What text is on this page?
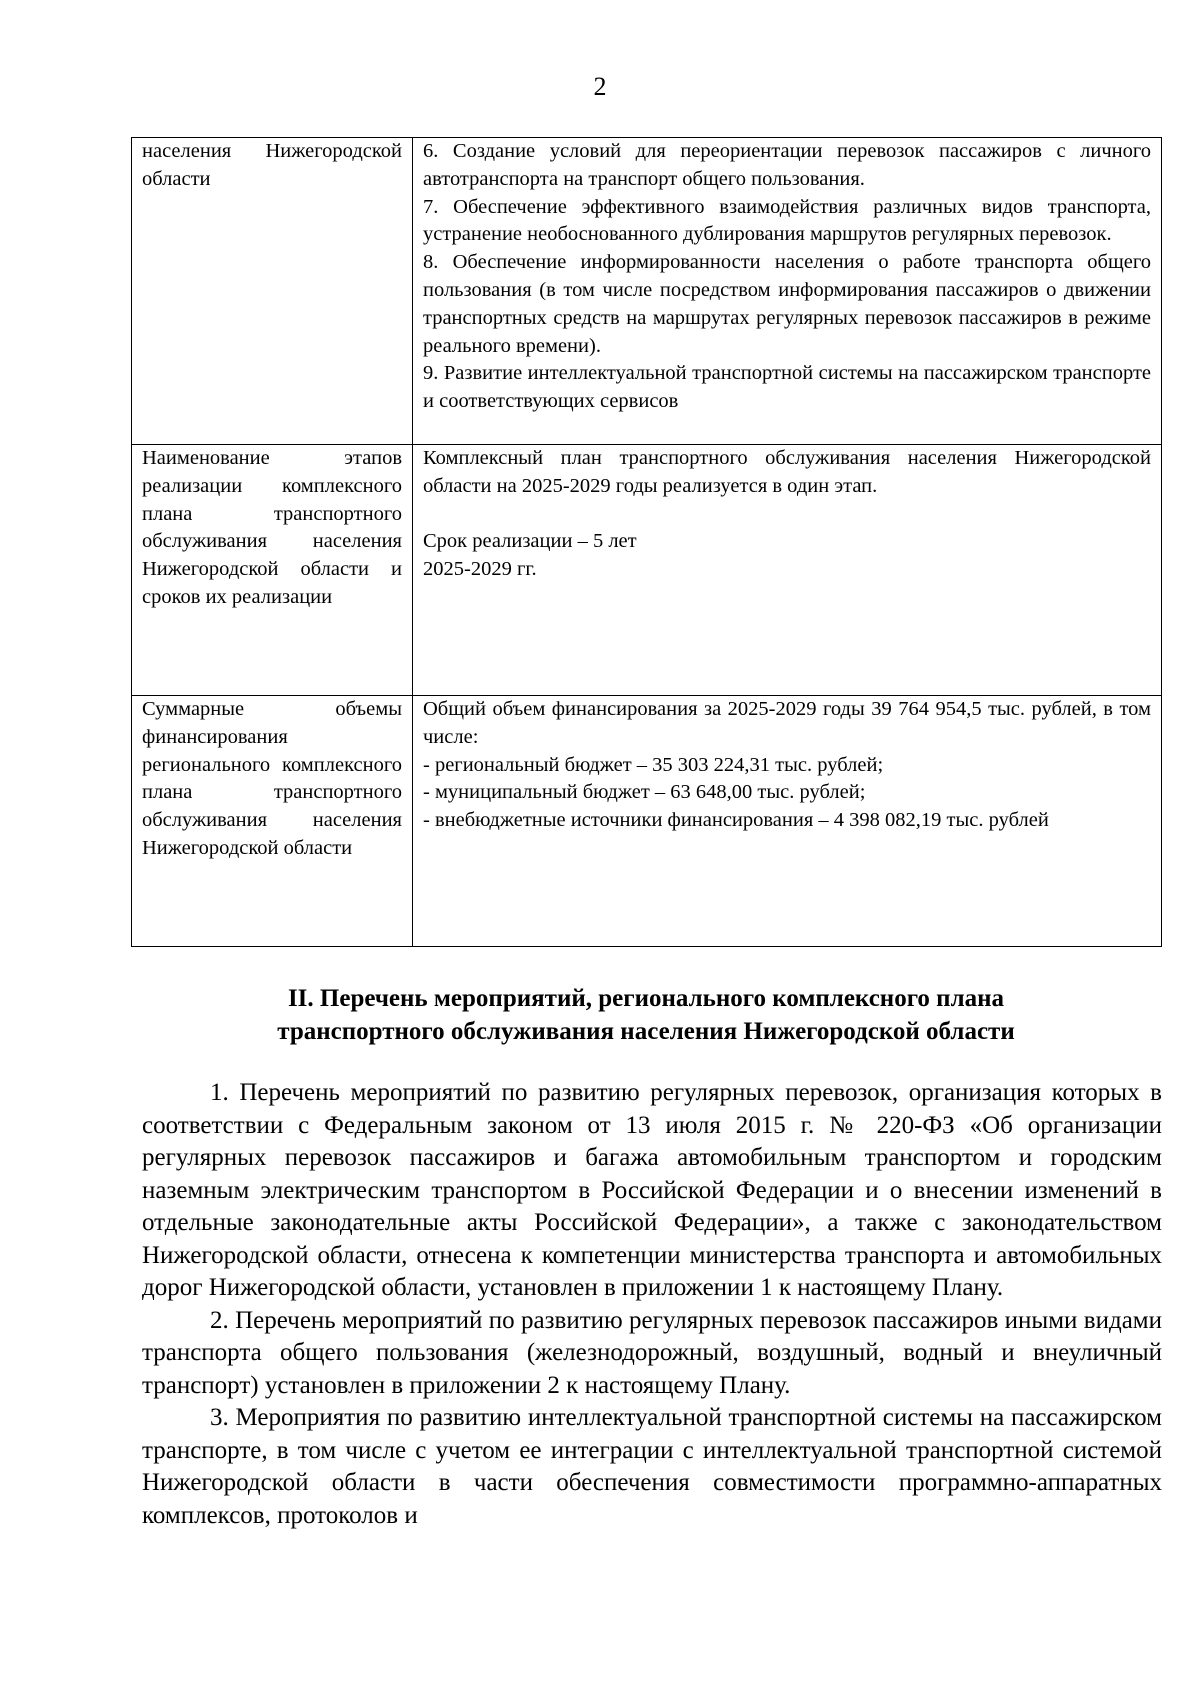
2
населения Нижегородской области	6. Создание условий для переориентации перевозок пассажиров с личного автотранспорта на транспорт общего пользования.
7. Обеспечение эффективного взаимодействия различных видов транспорта, устранение необоснованного дублирования маршрутов регулярных перевозок.
8. Обеспечение информированности населения о работе транспорта общего пользования (в том числе посредством информирования пассажиров о движении транспортных средств на маршрутах регулярных перевозок пассажиров в режиме реального времени).
9. Развитие интеллектуальной транспортной системы на пассажирском транспорте и соответствующих сервисов

Наименование этапов реализации комплексного плана транспортного обслуживания населения Нижегородской области и сроков их реализации	Комплексный план транспортного обслуживания населения Нижегородской области на 2025-2029 годы реализуется в один этап.
Срок реализации – 5 лет
2025-2029 гг.

Суммарные объемы финансирования регионального комплексного плана транспортного обслуживания населения Нижегородской области	Общий объем финансирования за 2025-2029 годы 39 764 954,5 тыс. рублей, в том числе:
- региональный бюджет – 35 303 224,31 тыс. рублей;
- муниципальный бюджет – 63 648,00 тыс. рублей;
- внебюджетные источники финансирования – 4 398 082,19 тыс. рублей
II. Перечень мероприятий, регионального комплексного плана
транспортного обслуживания населения Нижегородской области

1. Перечень мероприятий по развитию регулярных перевозок, организация которых в соответствии с Федеральным законом от 13 июля 2015 г. № 220-ФЗ «Об организации регулярных перевозок пассажиров и багажа автомобильным транспортом и городским наземным электрическим транспортом в Российской Федерации и о внесении изменений в отдельные законодательные акты Российской Федерации», а также с законодательством Нижегородской области, отнесена к компетенции министерства транспорта и автомобильных дорог Нижегородской области, установлен в приложении 1 к настоящему Плану.

2. Перечень мероприятий по развитию регулярных перевозок пассажиров иными видами транспорта общего пользования (железнодорожный, воздушный, водный и внеуличный транспорт) установлен в приложении 2 к настоящему Плану.

3. Мероприятия по развитию интеллектуальной транспортной системы на пассажирском транспорте, в том числе с учетом ее интеграции с интеллектуальной транспортной системой Нижегородской области в части обеспечения совместимости программно-аппаратных комплексов, протоколов и
